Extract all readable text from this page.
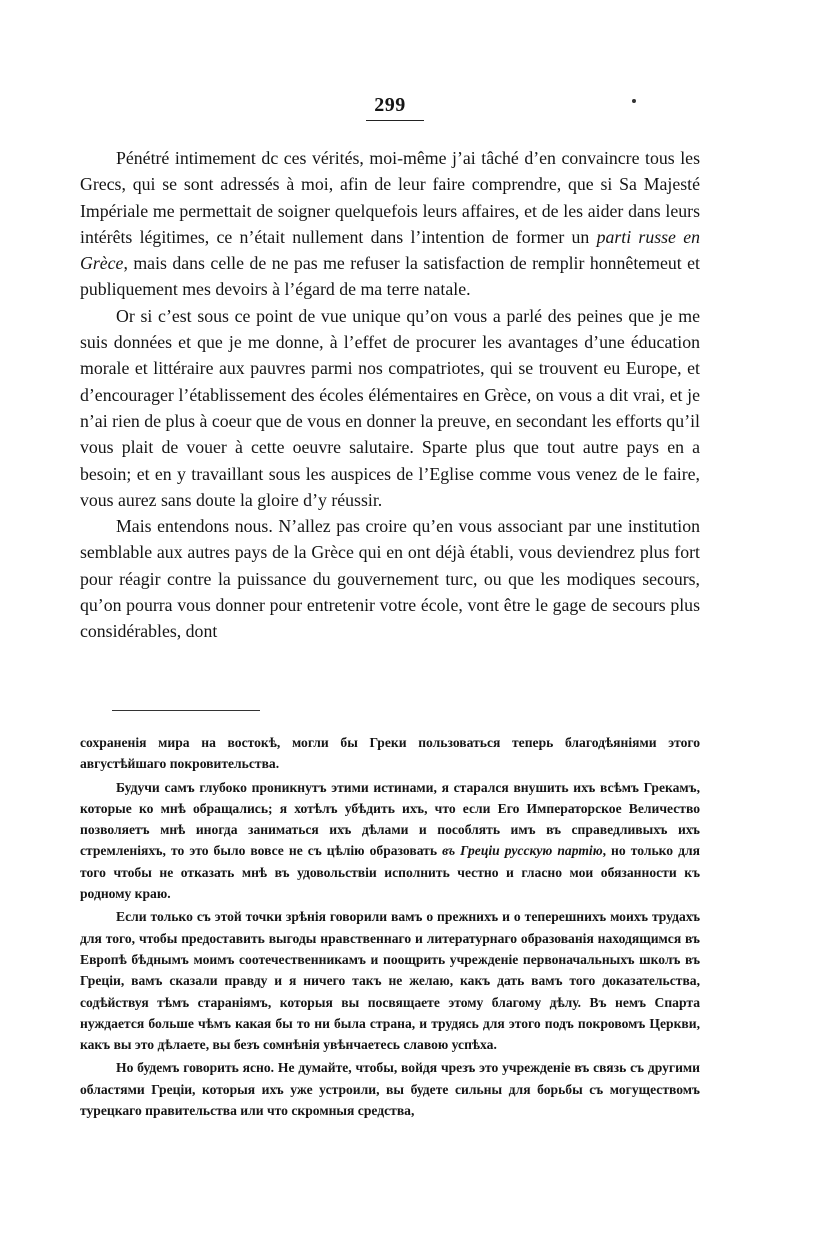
299

Pénétré intimement dc ces vérités, moi-même j’ai tâché d’en convaincre tous les Grecs, qui se sont adressés à moi, afin de leur faire comprendre, que si Sa Majesté Impériale me permettait de soigner quelquefois leurs affaires, et de les aider dans leurs intérêts légitimes, ce n’était nullement dans l’intention de former un parti russe en Grèce, mais dans celle de ne pas me refuser la satisfaction de remplir honnêtemeut et publiquement mes devoirs à l’égard de ma terre natale.

Or si c’est sous ce point de vue unique qu’on vous a parlé des peines que je me suis données et que je me donne, à l’effet de procurer les avantages d’une éducation morale et littéraire aux pauvres parmi nos compatriotes, qui se trouvent eu Europe, et d’encourager l’établissement des écoles élémentaires en Grèce, on vous a dit vrai, et je n’ai rien de plus à coeur que de vous en donner la preuve, en secondant les efforts qu’il vous plait de vouer à cette oeuvre salutaire. Sparte plus que tout autre pays en a besoin; et en y travaillant sous les auspices de l’Eglise comme vous venez de le faire, vous aurez sans doute la gloire d’y réussir.

Mais entendons nous. N’allez pas croire qu’en vous associant par une institution semblable aux autres pays de la Grèce qui en ont déjà établi, vous deviendrez plus fort pour réagir contre la puissance du gouvernement turc, ou que les modiques secours, qu’on pourra vous donner pour entretenir votre école, vont être le gage de secours plus considérables, dont

сохраненія мира на востокѣ, могли бы Греки пользоваться теперь благодѣяніями этого августѣйшаго покровительства.

Будучи самъ глубоко проникнутъ этими истинами, я старался внушить ихъ всѣмъ Грекамъ, которые ко мнѣ обращались; я хотѣлъ убѣдить ихъ, что если Его Императорское Величество позволяетъ мнѣ иногда заниматься ихъ дѣлами и пособлять имъ въ справедливыхъ ихъ стремленіяхъ, то это было вовсе не съ цѣлію образовать въ Греціи русскую партію, но только для того чтобы не отказать мнѣ въ удовольствіи исполнить честно и гласно мои обязанности къ родному краю.

Если только съ этой точки зрѣнія говорили вамъ о прежнихъ и о теперешнихъ моихъ трудахъ для того, чтобы предоставить выгоды нравственнаго и литературнаго образованія находящимся въ Европѣ бѣднымъ моимъ соотечественникамъ и поощрить учрежденіе первоначальныхъ школъ въ Греціи, вамъ сказали правду и я ничего такъ не желаю, какъ дать вамъ того доказательства, содѣйствуя тѣмъ стараніямъ, которыя вы посвящаете этому благому дѣлу. Въ немъ Спарта нуждается больше чѣмъ какая бы то ни была страна, и трудясь для этого подъ покровомъ Церкви, какъ вы это дѣлаете, вы безъ сомнѣнія увѣнчаетесь славою успѣха.

Но будемъ говорить ясно. Не думайте, чтобы, войдя чрезъ это учрежденіе въ связь съ другими областями Греціи, которыя ихъ уже устроили, вы будете сильны для борьбы съ могуществомъ турецкаго правительства или что скромныя средства,
